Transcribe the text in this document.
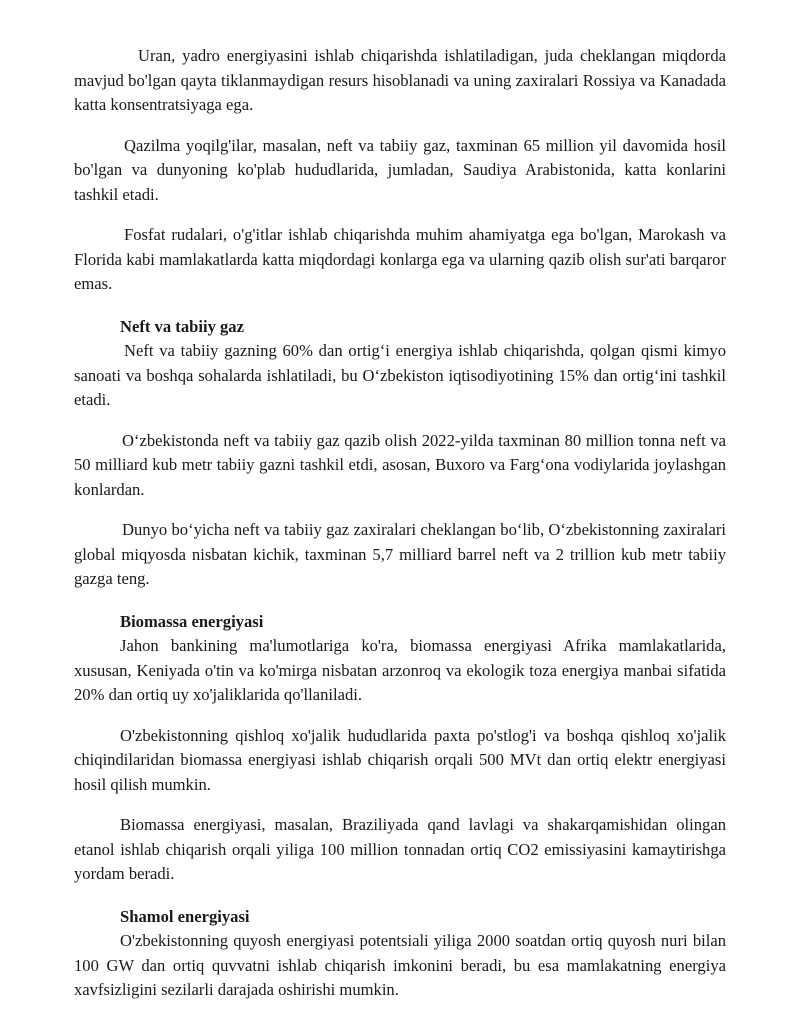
Uran, yadro energiyasini ishlab chiqarishda ishlatiladigan, juda cheklangan miqdorda mavjud bo'lgan qayta tiklanmaydigan resurs hisoblanadi va uning zaxiralari Rossiya va Kanadada katta konsentratsiyaga ega.

Qazilma yoqilg'ilar, masalan, neft va tabiiy gaz, taxminan 65 million yil davomida hosil bo'lgan va dunyoning ko'plab hududlarida, jumladan, Saudiya Arabistonida, katta konlarini tashkil etadi.

Fosfat rudalari, o'g'itlar ishlab chiqarishda muhim ahamiyatga ega bo'lgan, Marokash va Florida kabi mamlakatlarda katta miqdordagi konlarga ega va ularning qazib olish sur'ati barqaror emas.

Neft va tabiiy gaz

Neft va tabiiy gazning 60% dan ortig‘i energiya ishlab chiqarishda, qolgan qismi kimyo sanoati va boshqa sohalarda ishlatiladi, bu O‘zbekiston iqtisodiyotining 15% dan ortig‘ini tashkil etadi.

O‘zbekistonda neft va tabiiy gaz qazib olish 2022-yilda taxminan 80 million tonna neft va 50 milliard kub metr tabiiy gazni tashkil etdi, asosan, Buxoro va Farg‘ona vodiylarida joylashgan konlardan.

Dunyo bo‘yicha neft va tabiiy gaz zaxiralari cheklangan bo‘lib, O‘zbekistonning zaxiralari global miqyosda nisbatan kichik, taxminan 5,7 milliard barrel neft va 2 trillion kub metr tabiiy gazga teng.

Biomassa energiyasi

Jahon bankining ma'lumotlariga ko'ra, biomassa energiyasi Afrika mamlakatlarida, xususan, Keniyada o'tin va ko'mirga nisbatan arzonroq va ekologik toza energiya manbai sifatida 20% dan ortiq uy xo'jaliklarida qo'llaniladi.

O'zbekistonning qishloq xo'jalik hududlarida paxta po'stlog'i va boshqa qishloq xo'jalik chiqindilaridan biomassa energiyasi ishlab chiqarish orqali 500 MVt dan ortiq elektr energiyasi hosil qilish mumkin.

Biomassa energiyasi, masalan, Braziliyada qand lavlagi va shakarqamishidan olingan etanol ishlab chiqarish orqali yiliga 100 million tonnadan ortiq CO2 emissiyasini kamaytirishga yordam beradi.

Shamol energiyasi

O'zbekistonning quyosh energiyasi potentsiali yiliga 2000 soatdan ortiq quyosh nuri bilan 100 GW dan ortiq quvvatni ishlab chiqarish imkonini beradi, bu esa mamlakatning energiya xavfsizligini sezilarli darajada oshirishi mumkin.
